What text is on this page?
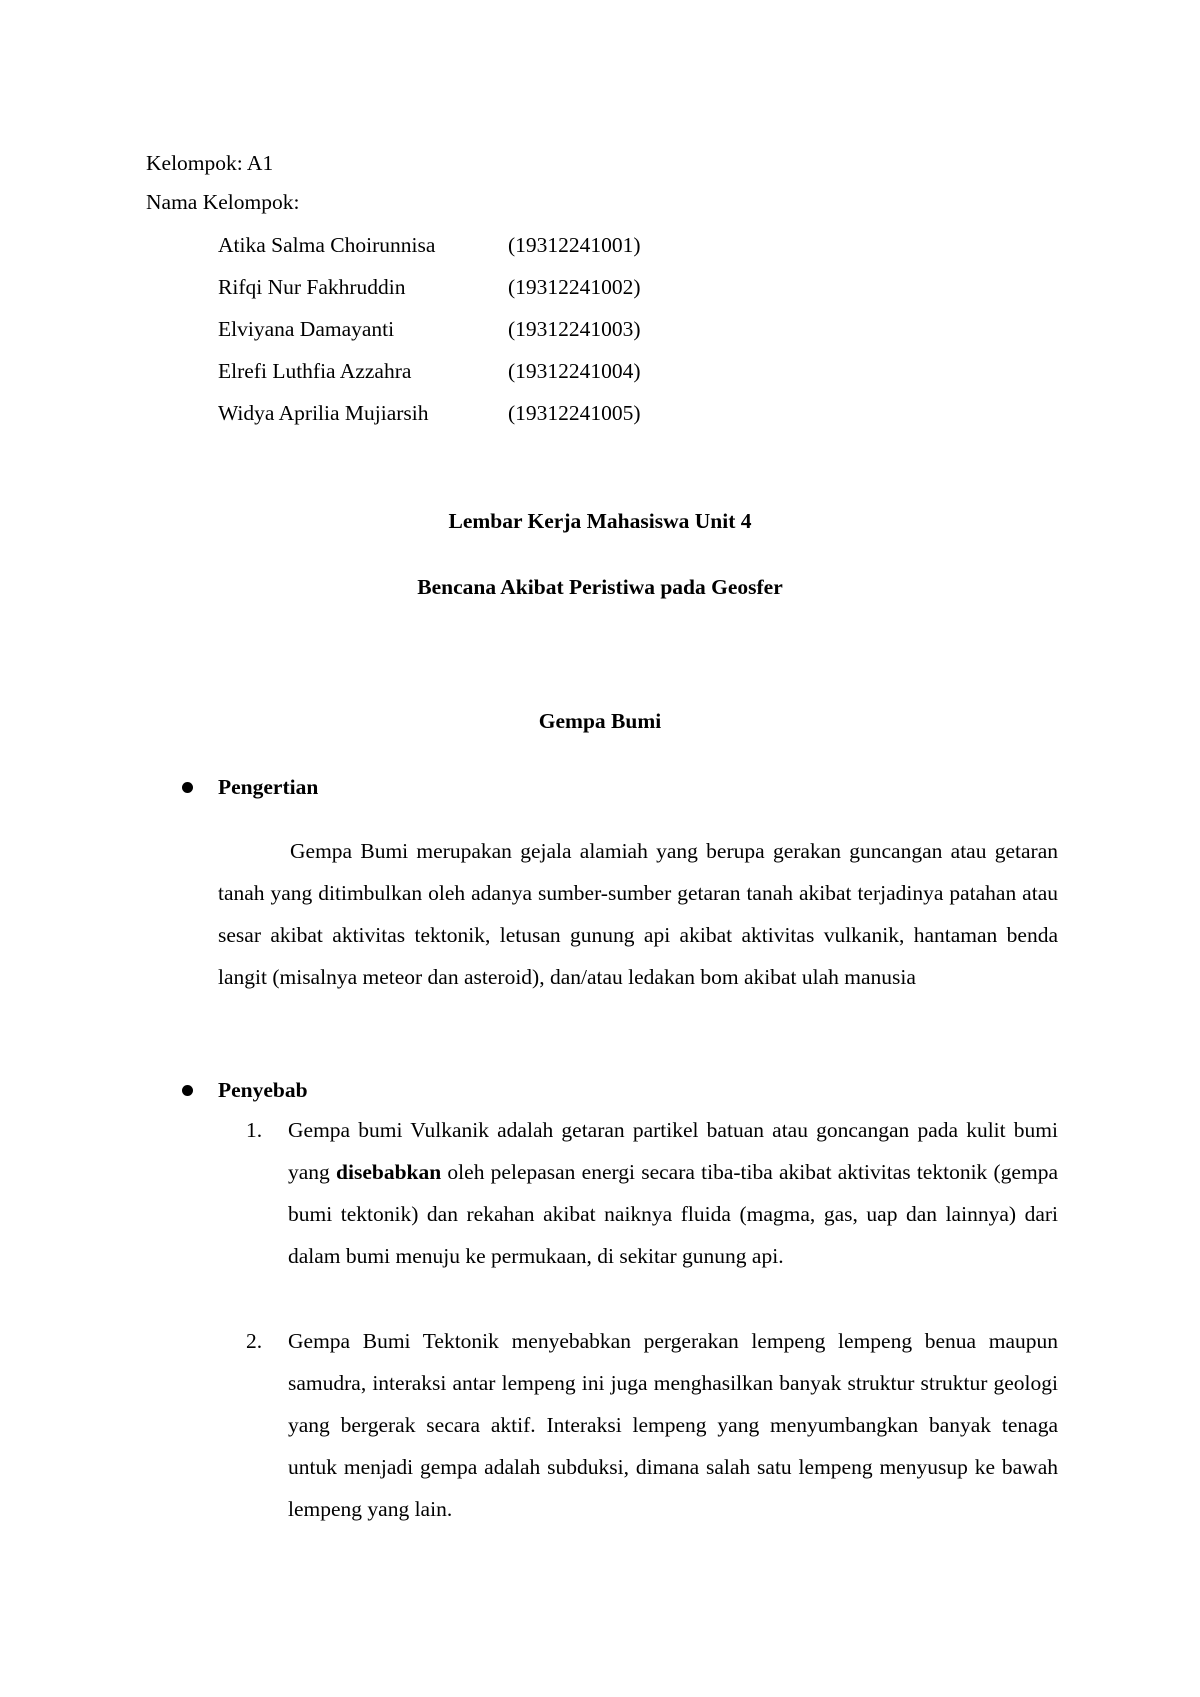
Kelompok: A1
Nama Kelompok:
Atika Salma Choirunnisa	(19312241001)
Rifqi Nur Fakhruddin	(19312241002)
Elviyana Damayanti	(19312241003)
Elrefi Luthfia Azzahra	(19312241004)
Widya Aprilia Mujiarsih	(19312241005)
Lembar Kerja Mahasiswa Unit 4
Bencana Akibat Peristiwa pada Geosfer
Gempa Bumi
Pengertian

Gempa Bumi merupakan gejala alamiah yang berupa gerakan guncangan atau getaran tanah yang ditimbulkan oleh adanya sumber-sumber getaran tanah akibat terjadinya patahan atau sesar akibat aktivitas tektonik, letusan gunung api akibat aktivitas vulkanik, hantaman benda langit (misalnya meteor dan asteroid), dan/atau ledakan bom akibat ulah manusia

Penyebab
1. Gempa bumi Vulkanik adalah getaran partikel batuan atau goncangan pada kulit bumi yang disebabkan oleh pelepasan energi secara tiba-tiba akibat aktivitas tektonik (gempa bumi tektonik) dan rekahan akibat naiknya fluida (magma, gas, uap dan lainnya) dari dalam bumi menuju ke permukaan, di sekitar gunung api.

2. Gempa Bumi Tektonik menyebabkan pergerakan lempeng lempeng benua maupun samudra, interaksi antar lempeng ini juga menghasilkan banyak struktur struktur geologi yang bergerak secara aktif. Interaksi lempeng yang menyumbangkan banyak tenaga untuk menjadi gempa adalah subduksi, dimana salah satu lempeng menyusup ke bawah lempeng yang lain.
